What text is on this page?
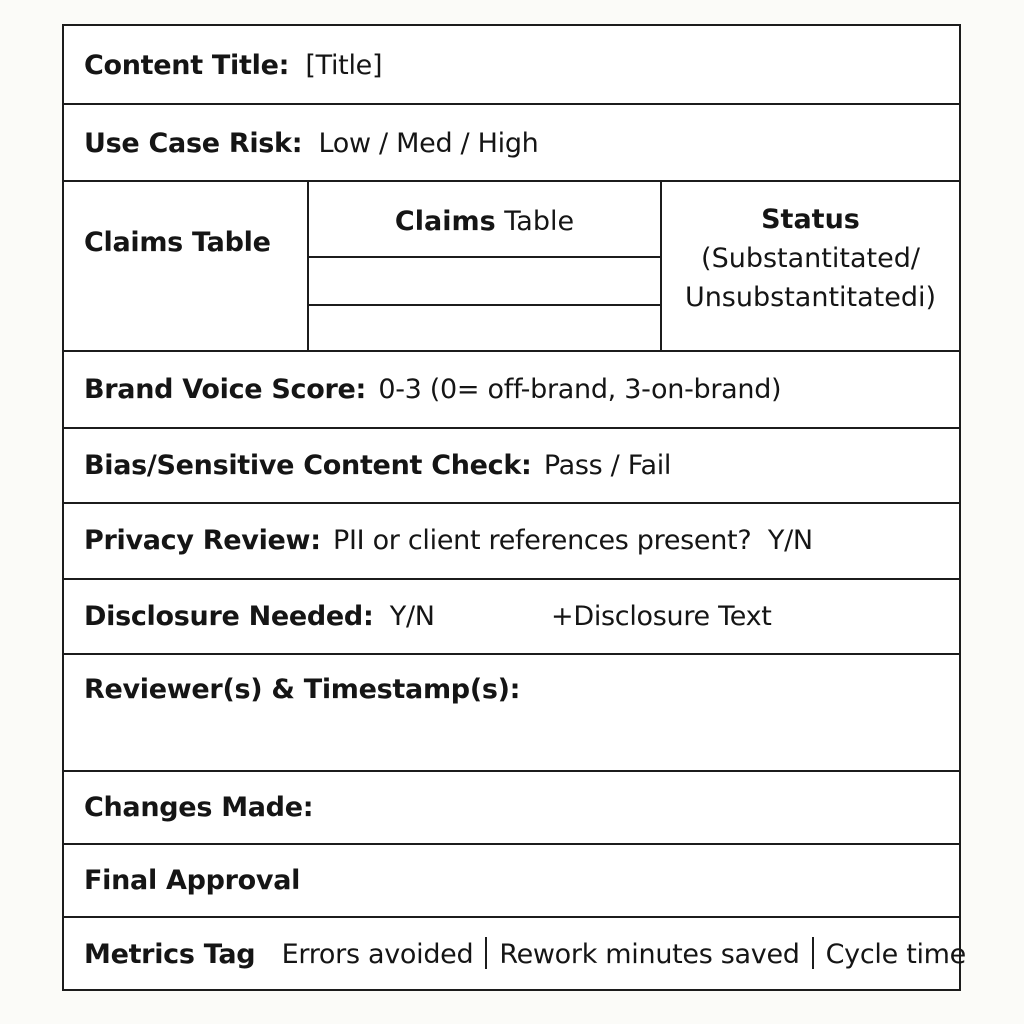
Content Title: [Title]
Use Case Risk: Low / Med / High
Claims Table
Claims Table	Status
(Substantitated/
Unsubstantitatedi)
Brand Voice Score: 0-3 (0= off-brand, 3-on-brand)
Bias/Sensitive Content Check: Pass / Fail
Privacy Review: PII or client references present?  Y/N
Disclosure Needed: Y/N	+Disclosure Text
Reviewer(s) & Timestamp(s):
Changes Made:
Final Approval
Metrics Tag Errors avoided Rework minutes saved Cycle time
